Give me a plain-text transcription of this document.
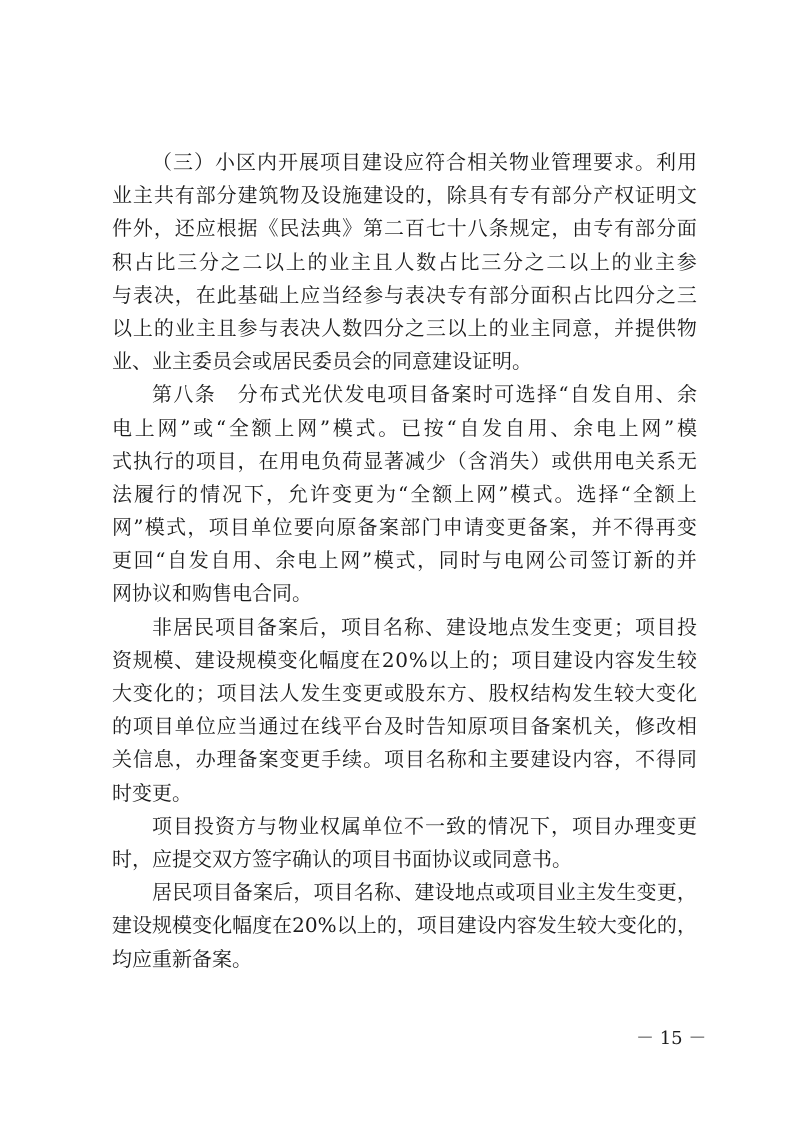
（ 三 ） 小 区 内 开 展 项 目 建 设 应 符 合 相 关 物 业 管 理 要 求 。 利 用
业 主 共 有 部 分 建 筑 物 及 设 施 建 设 的 ， 除 具 有 专 有 部 分 产 权 证 明 文
件 外 ， 还 应 根 据 《 民 法 典 》 第 二 百 七 十 八 条 规 定 ， 由 专 有 部 分 面
积 占 比 三 分 之 二 以 上 的 业 主 且 人 数 占 比 三 分 之 二 以 上 的 业 主 参
与 表 决 ， 在 此 基 础 上 应 当 经 参 与 表 决 专 有 部 分 面 积 占 比 四 分 之 三
以 上 的 业 主 且 参 与 表 决 人 数 四 分 之 三 以 上 的 业 主 同 意 ， 并 提 供 物
业、业主委员会或居民委员会的同意建设证明。
第 八 条
　 分 布 式 光 伏 发 电 项 目 备 案 时 可 选 择 “ 自 发 自 用 、 余
电 上 网 ” 或 “ 全 额 上 网 ” 模 式 。 已 按 “ 自 发 自 用 、 余 电 上 网 ” 模
式 执 行 的 项 目 ， 在 用 电 负 荷 显 著 减 少 （ 含 消 失 ） 或 供 用 电 关 系 无
法 履 行 的 情 况 下 ， 允 许 变 更 为 “ 全 额 上 网 ” 模 式 。 选 择 “ 全 额 上
网 ” 模 式 ， 项 目 单 位 要 向 原 备 案 部 门 申 请 变 更 备 案 ， 并 不 得 再 变
更 回 “ 自 发 自 用 、 余 电 上 网 ” 模 式 ， 同 时 与 电 网 公 司 签 订 新 的 并
网协议和购售电合同。
非 居 民 项 目 备 案 后 ， 项 目 名 称 、 建 设 地 点 发 生 变 更 ； 项 目 投
资 规 模 、 建 设 规 模 变 化 幅 度 在 2 0 % 以 上 的 ； 项 目 建 设 内 容 发 生 较
大 变 化 的 ； 项 目 法 人 发 生 变 更 或 股 东 方 、 股 权 结 构 发 生 较 大 变 化
的 项 目 单 位 应 当 通 过 在 线 平 台 及 时 告 知 原 项 目 备 案 机 关 ， 修 改 相
关 信 息 ， 办 理 备 案 变 更 手 续 。 项 目 名 称 和 主 要 建 设 内 容 ， 不 得 同
时变更。
项 目 投 资 方 与 物 业 权 属 单 位 不 一 致 的 情 况 下 ， 项 目 办 理 变 更
时，应提交双方签字确认的项目书面协议或同意书。
居 民 项 目 备 案 后 ， 项 目 名 称 、 建 设 地 点 或 项 目 业 主 发 生 变 更 ，
建 设 规 模 变 化 幅 度 在 2 0 % 以 上 的 ， 项 目 建 设 内 容 发 生 较 大 变 化 的 ，
均应重新备案。
－ 15 －
